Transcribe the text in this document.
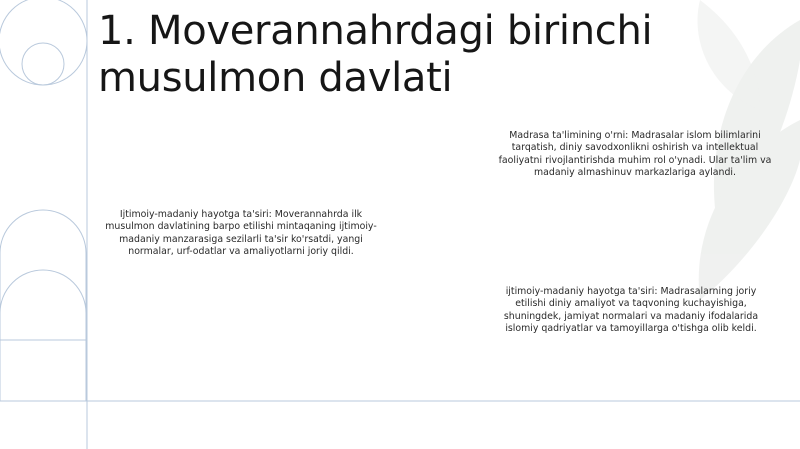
1. Moverannahrdagi birinchi musulmon davlati
Ijtimoiy-madaniy hayotga ta'siri: Moverannahrda ilk musulmon davlatining barpo etilishi mintaqaning ijtimoiy-madaniy manzarasiga sezilarli ta'sir ko'rsatdi, yangi normalar, urf-odatlar va amaliyotlarni joriy qildi.
Madrasa ta'limining o'rni: Madrasalar islom bilimlarini tarqatish, diniy savodxonlikni oshirish va intellektual faoliyatni rivojlantirishda muhim rol o'ynadi. Ular ta'lim va madaniy almashinuv markazlariga aylandi.
ijtimoiy-madaniy hayotga ta'siri: Madrasalarning joriy etilishi diniy amaliyot va taqvoning kuchayishiga, shuningdek, jamiyat normalari va madaniy ifodalarida islomiy qadriyatlar va tamoyillarga o'tishga olib keldi.
